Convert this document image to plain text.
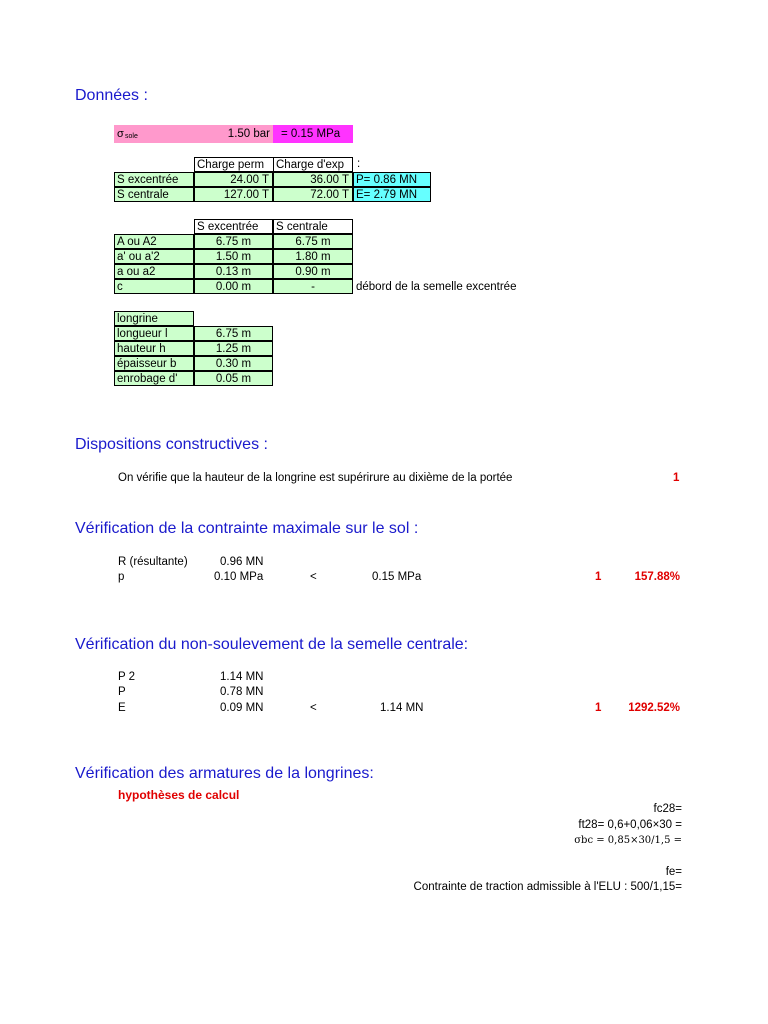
Données :
σ sole	1.50 bar = 0.15 MPa
Charge perm	Charge d'exp	:
S excentrée	24.00 T	36.00 T P= 0.86 MN
S centrale	127.00 T	72.00 T E= 2.79 MN
S excentrée	S centrale
A ou A2	6.75 m	6.75 m
a' ou a'2	1.50 m	1.80 m
a ou a2	0.13 m	0.90 m
c	0.00 m	-	débord de la semelle excentrée
longrine
longueur l	6.75 m
hauteur h	1.25 m
épaisseur b	0.30 m
enrobage d'	0.05 m
Dispositions constructives :
On vérifie que la hauteur de la longrine est supérirure au dixième de la portée	1
Vérification de la contrainte maximale sur le sol :
R (résultante)	0.96 MN
p	0.10 MPa	<	0.15 MPa	1	157.88%
Vérification du non-soulevement de la semelle centrale:
P 2	1.14 MN
P	0.78 MN
E	0.09 MN	<	1.14 MN	1 1292.52%
Vérification des armatures de la longrines:
hypothèses de calcul
fc28=
ft28= 0,6+0,06×30 =
σbc = 0,85×30/1,5 =
fe=
Contrainte de traction admissible à l'ELU : 500/1,15=
